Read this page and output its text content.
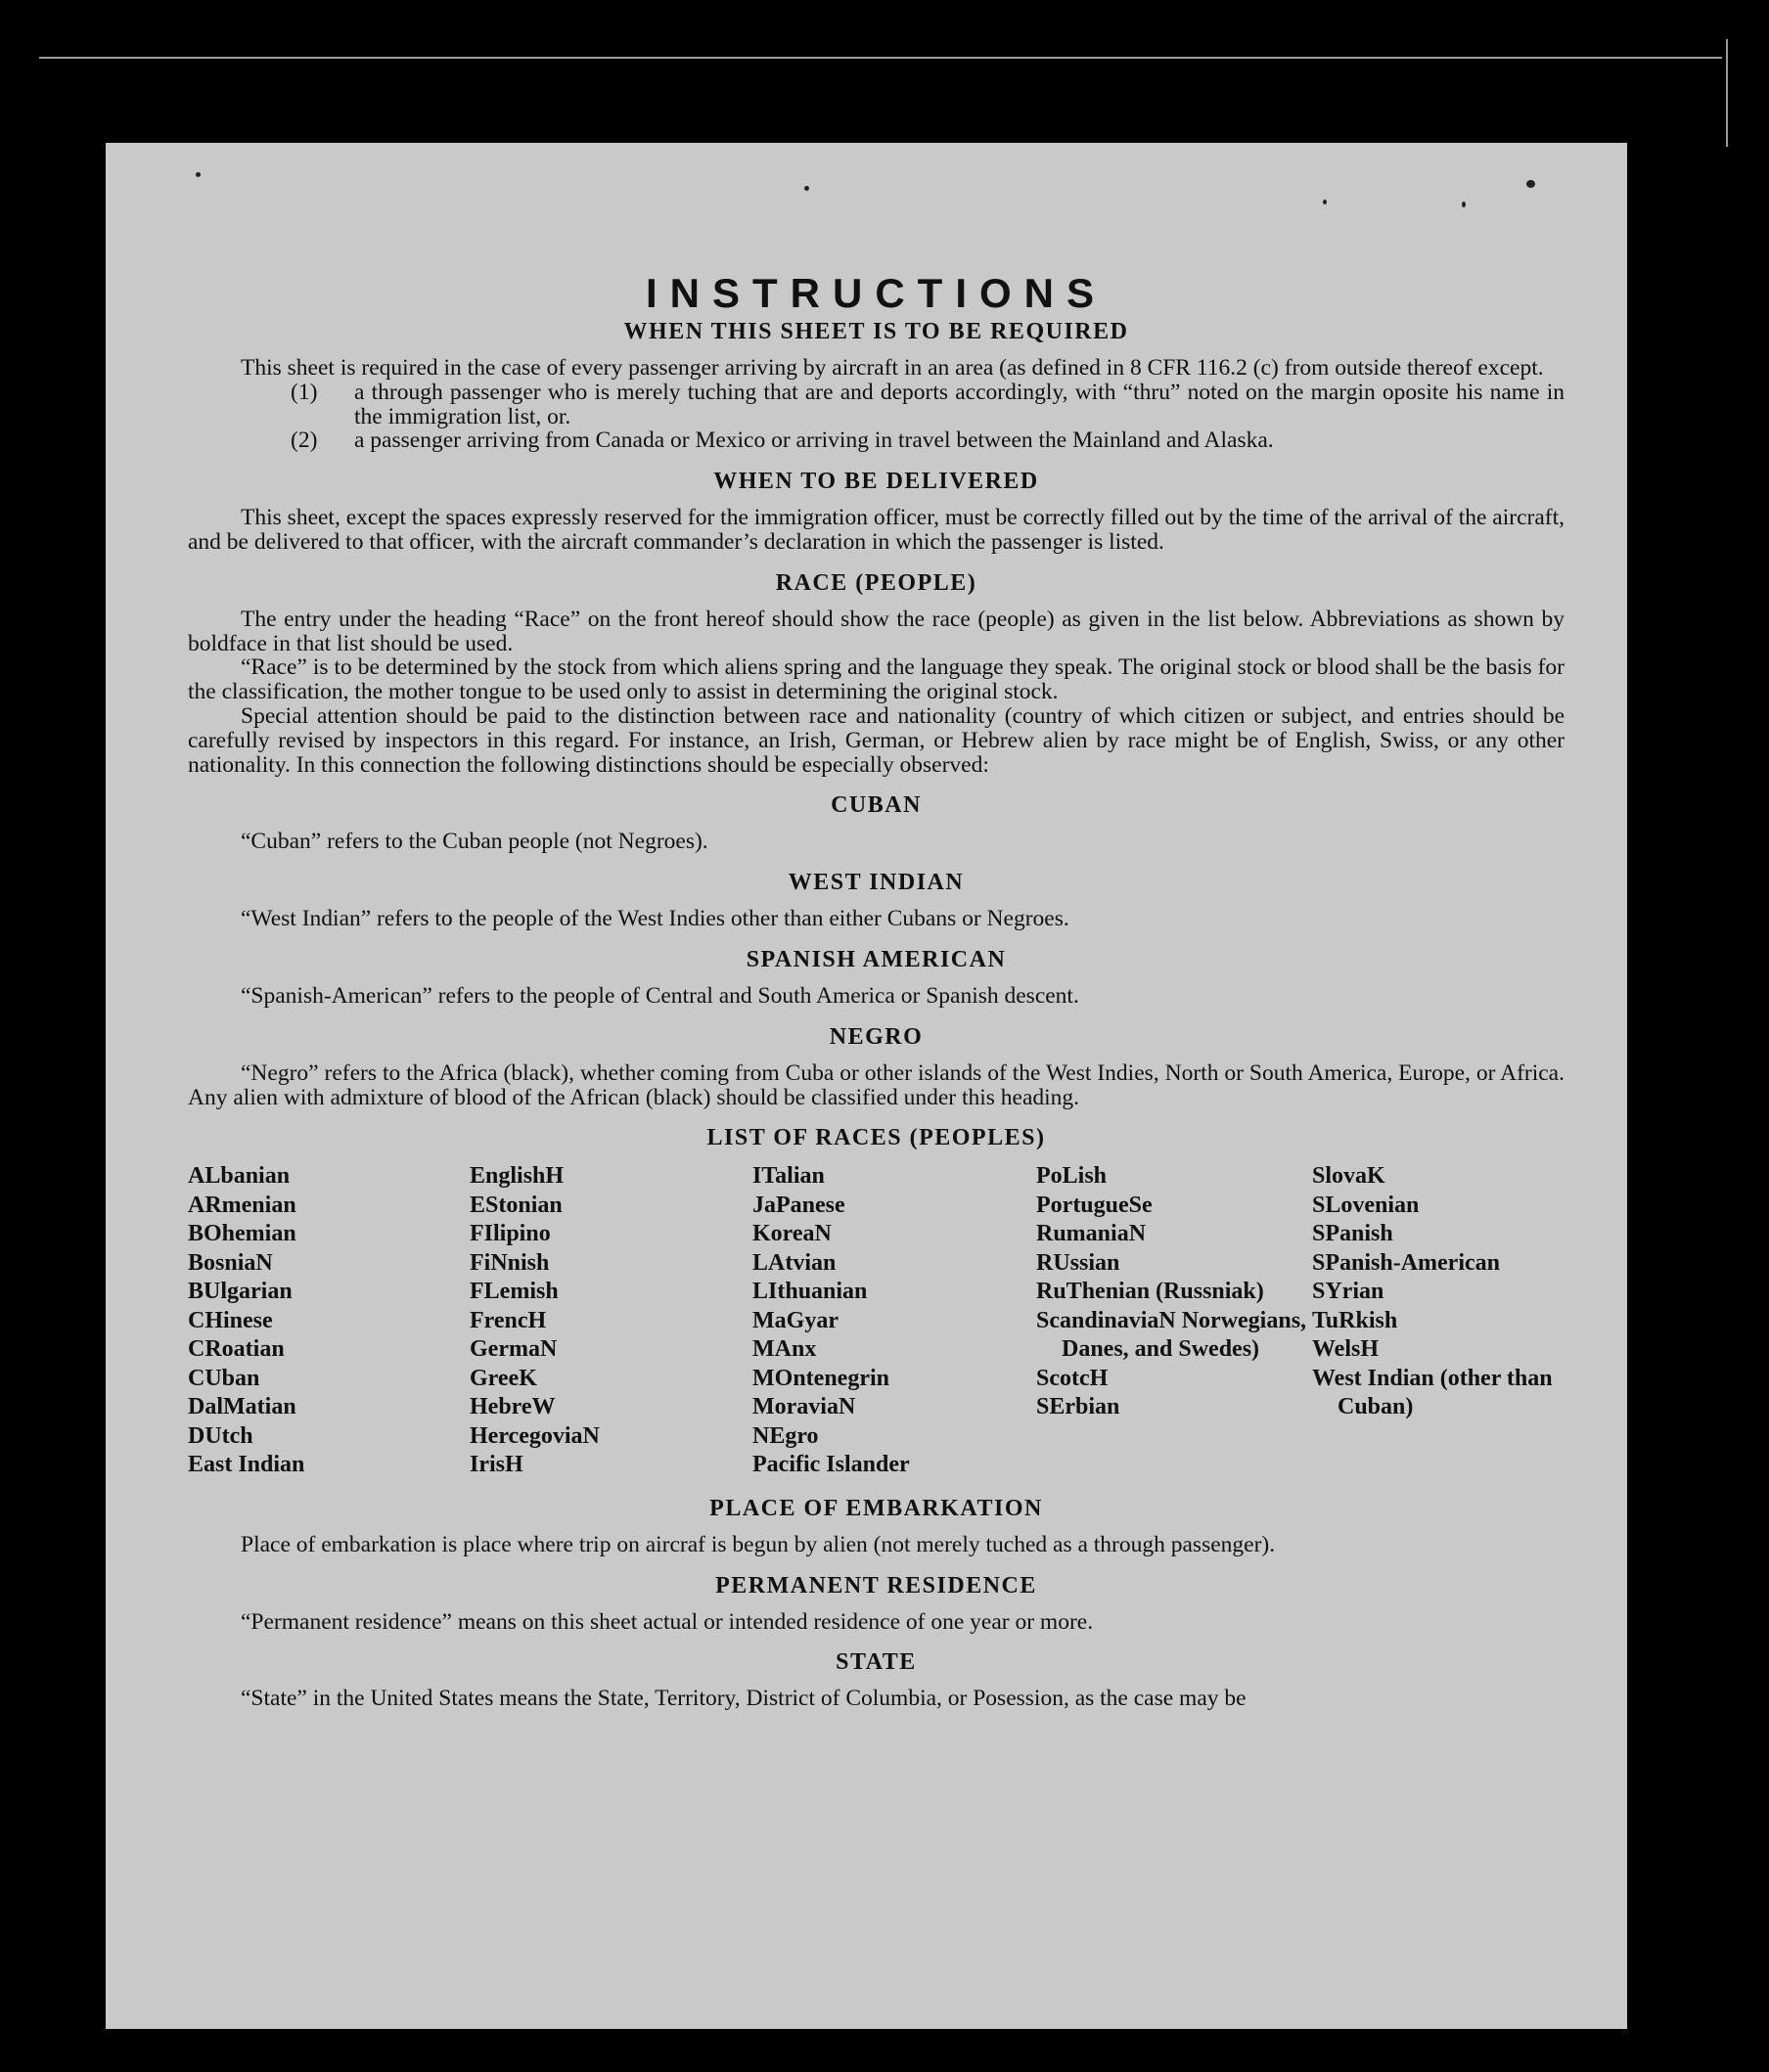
INSTRUCTIONS
WHEN THIS SHEET IS TO BE REQUIRED

This sheet is required in the case of every passenger arriving by aircraft in an area (as defined in 8 CFR 116.2 (c) from outside thereof except.

(1) a through passenger who is merely tuching that are and deports accordingly, with “thru” noted on the margin oposite his name in the immigration list, or.
(2) a passenger arriving from Canada or Mexico or arriving in travel between the Mainland and Alaska.
WHEN TO BE DELIVERED

This sheet, except the spaces expressly reserved for the immigration officer, must be correctly filled out by the time of the arrival of the aircraft, and be delivered to that officer, with the aircraft commander’s declaration in which the passenger is listed.

RACE (PEOPLE)

The entry under the heading “Race” on the front hereof should show the race (people) as given in the list below. Abbreviations as shown by boldface in that list should be used.

“Race” is to be determined by the stock from which aliens spring and the language they speak. The original stock or blood shall be the basis for the classification, the mother tongue to be used only to assist in determining the original stock.

Special attention should be paid to the distinction between race and nationality (country of which citizen or subject, and entries should be carefully revised by inspectors in this regard. For instance, an Irish, German, or Hebrew alien by race might be of English, Swiss, or any other nationality. In this connection the following distinctions should be especially observed:

CUBAN

“Cuban” refers to the Cuban people (not Negroes).

WEST INDIAN

“West Indian” refers to the people of the West Indies other than either Cubans or Negroes.

SPANISH AMERICAN

“Spanish-American” refers to the people of Central and South America or Spanish descent.

NEGRO

“Negro” refers to the Africa (black), whether coming from Cuba or other islands of the West Indies, North or South America, Europe, or Africa. Any alien with admixture of blood of the African (black) should be classified under this heading.

LIST OF RACES (PEOPLES)
ALbanian
ARmenian
BOhemian
BosniaN
BUlgarian
CHinese
CRoatian
CUban
DalMatian
DUtch
East Indian
EnglishH
EStonian
FIlipino
FiNnish
FLemish
FrencH
GermaN
GreeK
HebreW
HercegoviaN
IrisH
ITalian
JaPanese
KoreaN
LAtvian
LIthuanian
MaGyar
MAnx
MOntenegrin
MoraviaN
NEgro
Pacific Islander
PoLish
PortugueSe
RumaniaN
RUssian
RuThenian (Russniak)
ScandinaviaN Norwegians, Danes, and Swedes)
ScotcH
SErbian
SlovaK
SLovenian
SPanish
SPanish-American
SYrian
TuRkish
WelsH
West Indian (other than Cuban)
PLACE OF EMBARKATION

Place of embarkation is place where trip on aircraf is begun by alien (not merely tuched as a through passenger).

PERMANENT RESIDENCE

“Permanent residence” means on this sheet actual or intended residence of one year or more.

STATE

“State” in the United States means the State, Territory, District of Columbia, or Posession, as the case may be
